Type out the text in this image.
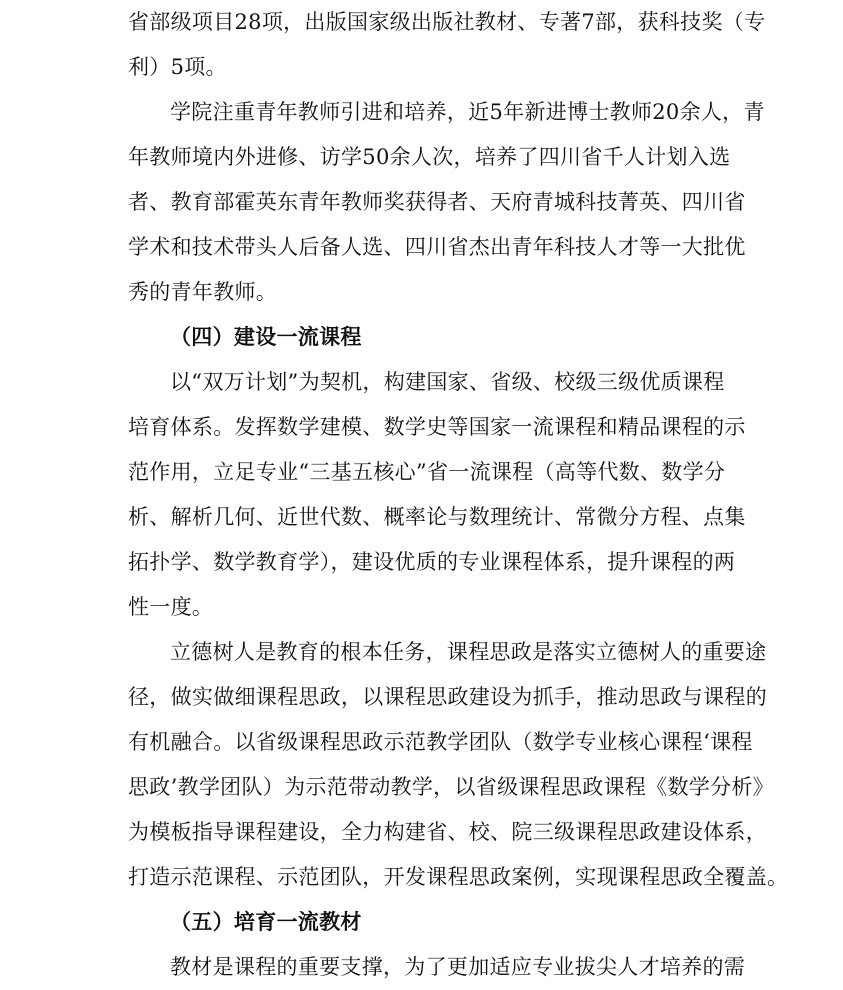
省部级项目28项，出版国家级出版社教材、专著7部，获科技奖（专
利）5项。
学院注重青年教师引进和培养，近5年新进博士教师20余人，青
年教师境内外进修、访学50余人次，培养了四川省千人计划入选
者、教育部霍英东青年教师奖获得者、天府青城科技菁英、四川省
学术和技术带头人后备人选、四川省杰出青年科技人才等一大批优
秀的青年教师。
（四）建设一流课程
以“双万计划”为契机，构建国家、省级、校级三级优质课程
培育体系。发挥数学建模、数学史等国家一流课程和精品课程的示
范作用，立足专业“三基五核心”省一流课程（高等代数、数学分
析、解析几何、近世代数、概率论与数理统计、常微分方程、点集
拓扑学、数学教育学），建设优质的专业课程体系，提升课程的两
性一度。
立德树人是教育的根本任务，课程思政是落实立德树人的重要途
径，做实做细课程思政，以课程思政建设为抓手，推动思政与课程的
有机融合。以省级课程思政示范教学团队（数学专业核心课程‘课程
思政’教学团队）为示范带动教学，以省级课程思政课程《数学分析》
为模板指导课程建设，全力构建省、校、院三级课程思政建设体系，
打造示范课程、示范团队，开发课程思政案例，实现课程思政全覆盖。
（五）培育一流教材
教材是课程的重要支撑，为了更加适应专业拔尖人才培养的需
